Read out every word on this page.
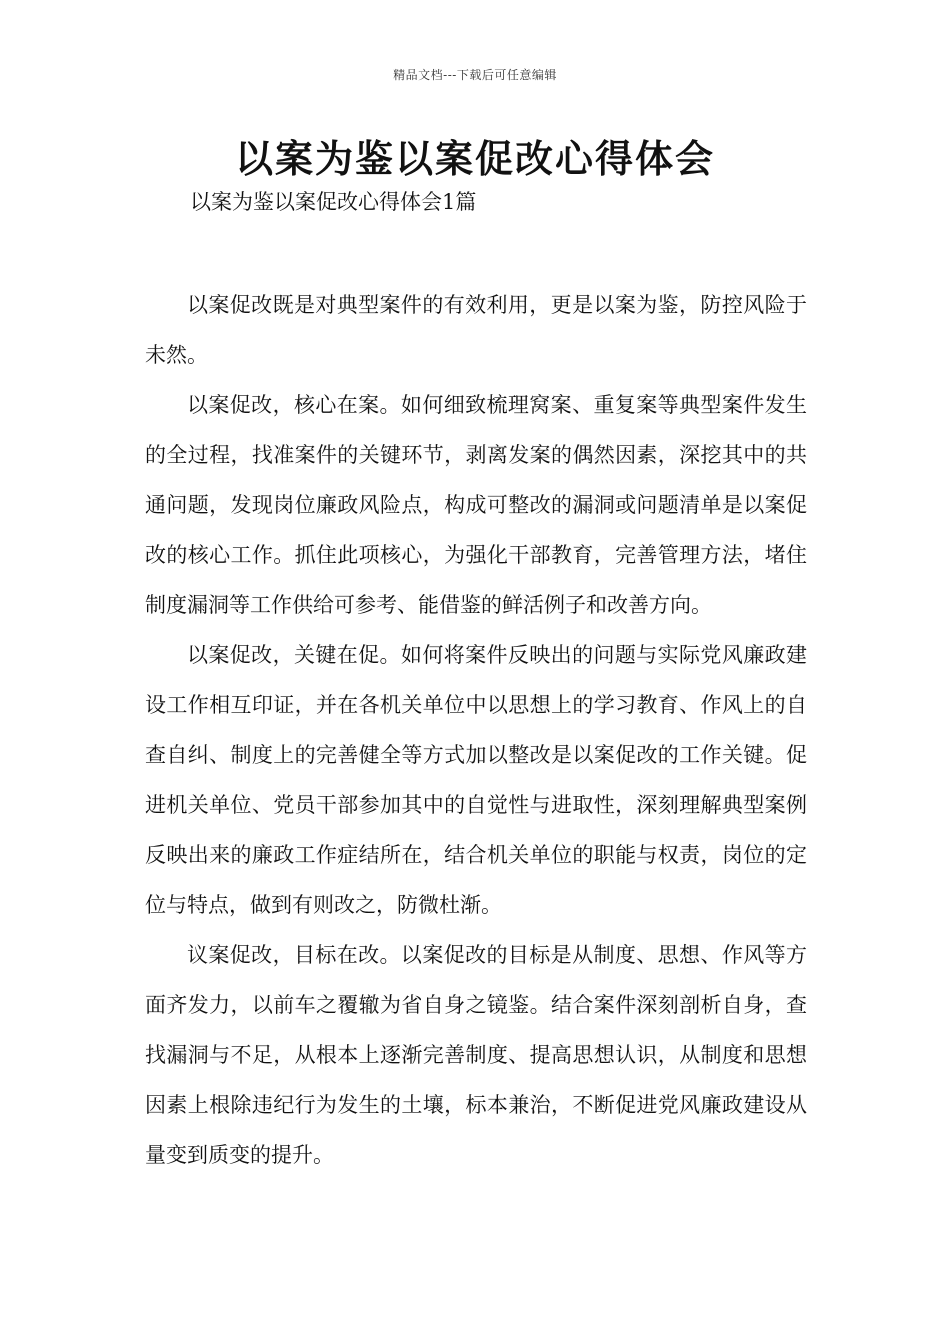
精品文档---下载后可任意编辑
以案为鉴以案促改心得体会
以案为鉴以案促改心得体会1篇

以案促改既是对典型案件的有效利用，更是以案为鉴，防控风险于未然。

以案促改，核心在案。如何细致梳理窝案、重复案等典型案件发生的全过程，找准案件的关键环节，剥离发案的偶然因素，深挖其中的共通问题，发现岗位廉政风险点，构成可整改的漏洞或问题清单是以案促改的核心工作。抓住此项核心，为强化干部教育，完善管理方法，堵住制度漏洞等工作供给可参考、能借鉴的鲜活例子和改善方向。

以案促改，关键在促。如何将案件反映出的问题与实际党风廉政建设工作相互印证，并在各机关单位中以思想上的学习教育、作风上的自查自纠、制度上的完善健全等方式加以整改是以案促改的工作关键。促进机关单位、党员干部参加其中的自觉性与进取性，深刻理解典型案例反映出来的廉政工作症结所在，结合机关单位的职能与权责，岗位的定位与特点，做到有则改之，防微杜渐。

议案促改，目标在改。以案促改的目标是从制度、思想、作风等方面齐发力，以前车之覆辙为省自身之镜鉴。结合案件深刻剖析自身，查找漏洞与不足，从根本上逐渐完善制度、提高思想认识，从制度和思想因素上根除违纪行为发生的土壤，标本兼治，不断促进党风廉政建设从量变到质变的提升。
